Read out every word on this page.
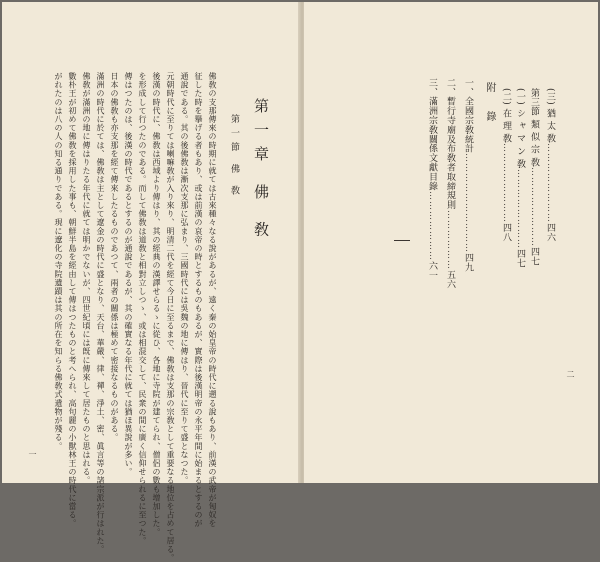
第一章 佛 敎
第一節 佛 敎
佛敎の支那傳來の時期に就ては古來種々なる說があるが、遠く秦の始皇帝の時代に遡る說もあり、前漢の武帝が匈奴を
征した時を擧げる者もあり、或は前漢の哀帝の時とするものもあるが、實際は後漢明帝の永平年間に始まるとするのが
通說である。其の後佛敎は漸次支那に弘まり、三國時代には吳魏の地に傳はり、晉代に至りて盛となつた。
元朝時代に至りては喇嘛敎が入り來り、明清二代を經て今日に至るまで、佛敎は支那の宗敎として重要なる地位を占めて居る。
後漢の時代に、佛敎は西域より傳はり、其の經典の漢譯せらるゝに從ひ、各地に寺院が建てられ、僧侶の數も增加した。
を形成して行つたのである。而して佛敎は道敎と相對立しつゝ、或は相混交して、民衆の間に廣く信仰せられるに至つた。
傳はつたのは、後漢の時代であるとするのが通說であるが、其の確實なる年代に就ては猶ほ異說が多い。
日本の佛敎も亦支那を經て傳來したるものであつて、兩者の關係は極めて密接なるものがある。
滿洲の時代に於ては、佛敎は主として遼金の時代に盛となり、天台、華嚴、律、禪、淨土、密、眞言等の諸宗派が行はれた。
佛敎が滿洲の地に傳はりたる年代に就ては明かでないが、四世紀頃には旣に傳來して居たものと思はれる。
數朴王が初めて佛敎を採用した事も、朝鮮半島を經由して傳はつたものと考へられ、高句麗の小獸林王の時代に當る。
がれたのは八の人の知る通りである。現に遼化の寺院遺蹟は其の所在を知らる佛敎式遺物が殘る。
一
(三) 猶 太 敎……………………四六
第三節 類 似 宗 敎……………………四七
(一) シ ャ マ ン 敎……………………四七
(二) 在 理 敎……………………四八
附 錄
一、全國宗敎統計…………………………四九
二、暫行寺廟及布敎者取締規則………………五六
三、滿洲宗敎關係文獻目錄…………………六一
二
